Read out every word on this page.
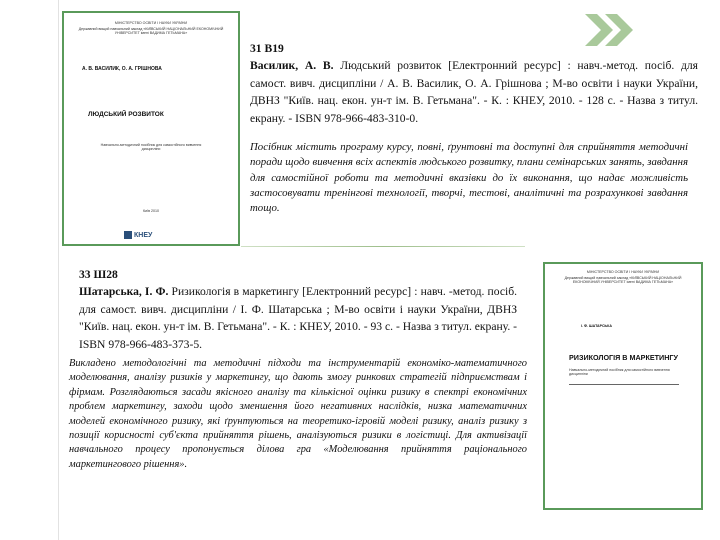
МІНІСТЕРСТВО ОСВІТИ І НАУКИ УКРАЇНИ
Державний вищий навчальний заклад «КИЇВСЬКИЙ НАЦІОНАЛЬНИЙ ЕКОНОМІЧНИЙ УНІВЕРСИТЕТ імені ВАДИМА ГЕТЬМАНА»
А. В. ВАСИЛИК, О. А. ГРІШНОВА
ЛЮДСЬКИЙ РОЗВИТОК
Навчально-методичний посібник для самостійного вивчення дисципліни
Київ 2010
КНЕУ
МІНІСТЕРСТВО ОСВІТИ І НАУКИ УКРАЇНИ
Державний вищий навчальний заклад «КИЇВСЬКИЙ НАЦІОНАЛЬНИЙ ЕКОНОМІЧНИЙ УНІВЕРСИТЕТ імені ВАДИМА ГЕТЬМАНА»
І. Ф. ШАТАРСЬКА
РИЗИКОЛОГІЯ В МАРКЕТИНГУ
Навчально-методичний посібник для самостійного вивчення дисципліни

31 В19
Василик, А. В. Людський розвиток [Електронний ресурс] : навч.-метод. посіб. для самост. вивч. дисципліни / А. В. Василик, О. А. Грішнова ; М-во освіти і науки України, ДВНЗ "Київ. нац. екон. ун-т ім. В. Гетьмана". - К. : КНЕУ, 2010. - 128 с. - Назва з титул. екрану. - ISBN 978-966-483-310-0.

Посібник містить програму курсу, повні, ґрунтовні та доступні для сприйняття методичні поради щодо вивчення всіх аспектів людського розвитку, плани семінарських занять, завдання для самостійної роботи та методичні вказівки до їх виконання, що надає можливість застосовувати тренінгові технології, творчі, тестові, аналітичні та розрахункові завдання тощо.

33 Ш28
Шатарська, І. Ф. Ризикологія в маркетингу [Електронний ресурс] : навч. -метод. посіб. для самост. вивч. дисципліни / І. Ф. Шатарська ; М-во освіти і науки України, ДВНЗ "Київ. нац. екон. ун-т ім. В. Гетьмана". - К. : КНЕУ, 2010. - 93 с. - Назва з титул. екрану. - ISBN 978-966-483-373-5.

Викладено методологічні та методичні підходи та інструментарій економіко-математичного моделювання, аналізу ризиків у маркетингу, що дають змогу ринкових стратегій підприємствам і фірмам. Розглядаються засади якісного аналізу та кількісної оцінки ризику в спектрі економічних проблем маркетингу, заходи щодо зменшення його негативних наслідків, низка математичних моделей економічного ризику, які ґрунтуються на теоретико-ігровій моделі ризику, аналіз ризику з позиції корисності суб'єкта прийняття рішень, аналізуються ризики в логістиці. Для активізації навчального процесу пропонується ділова гра «Моделювання прийняття раціонального маркетингового рішення».
